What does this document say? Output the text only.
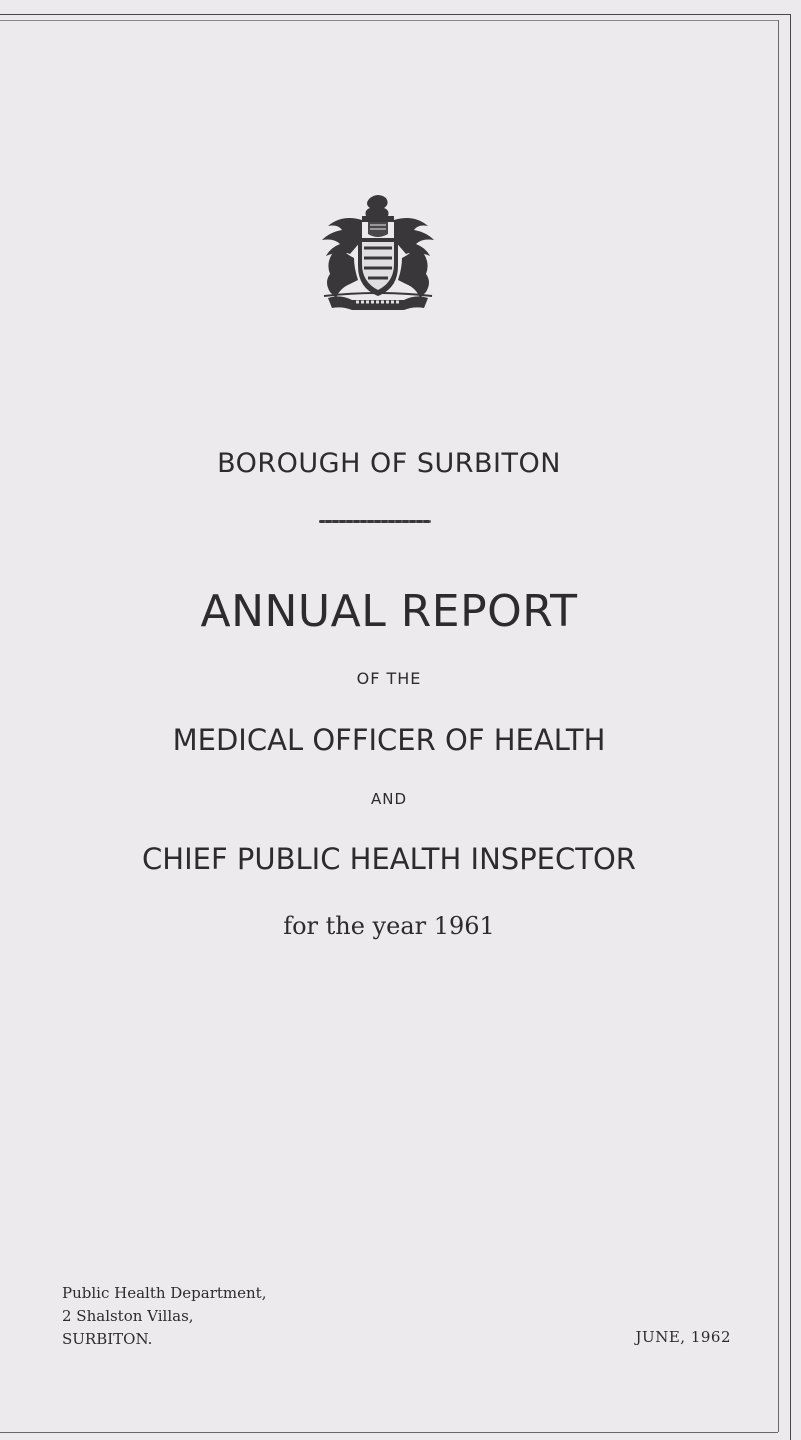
BOROUGH OF SURBITON
ANNUAL REPORT
OF THE
MEDICAL OFFICER OF HEALTH
AND
CHIEF PUBLIC HEALTH INSPECTOR
for the year 1961
Public Health Department,
2 Shalston Villas,
SURBITON.	JUNE, 1962
